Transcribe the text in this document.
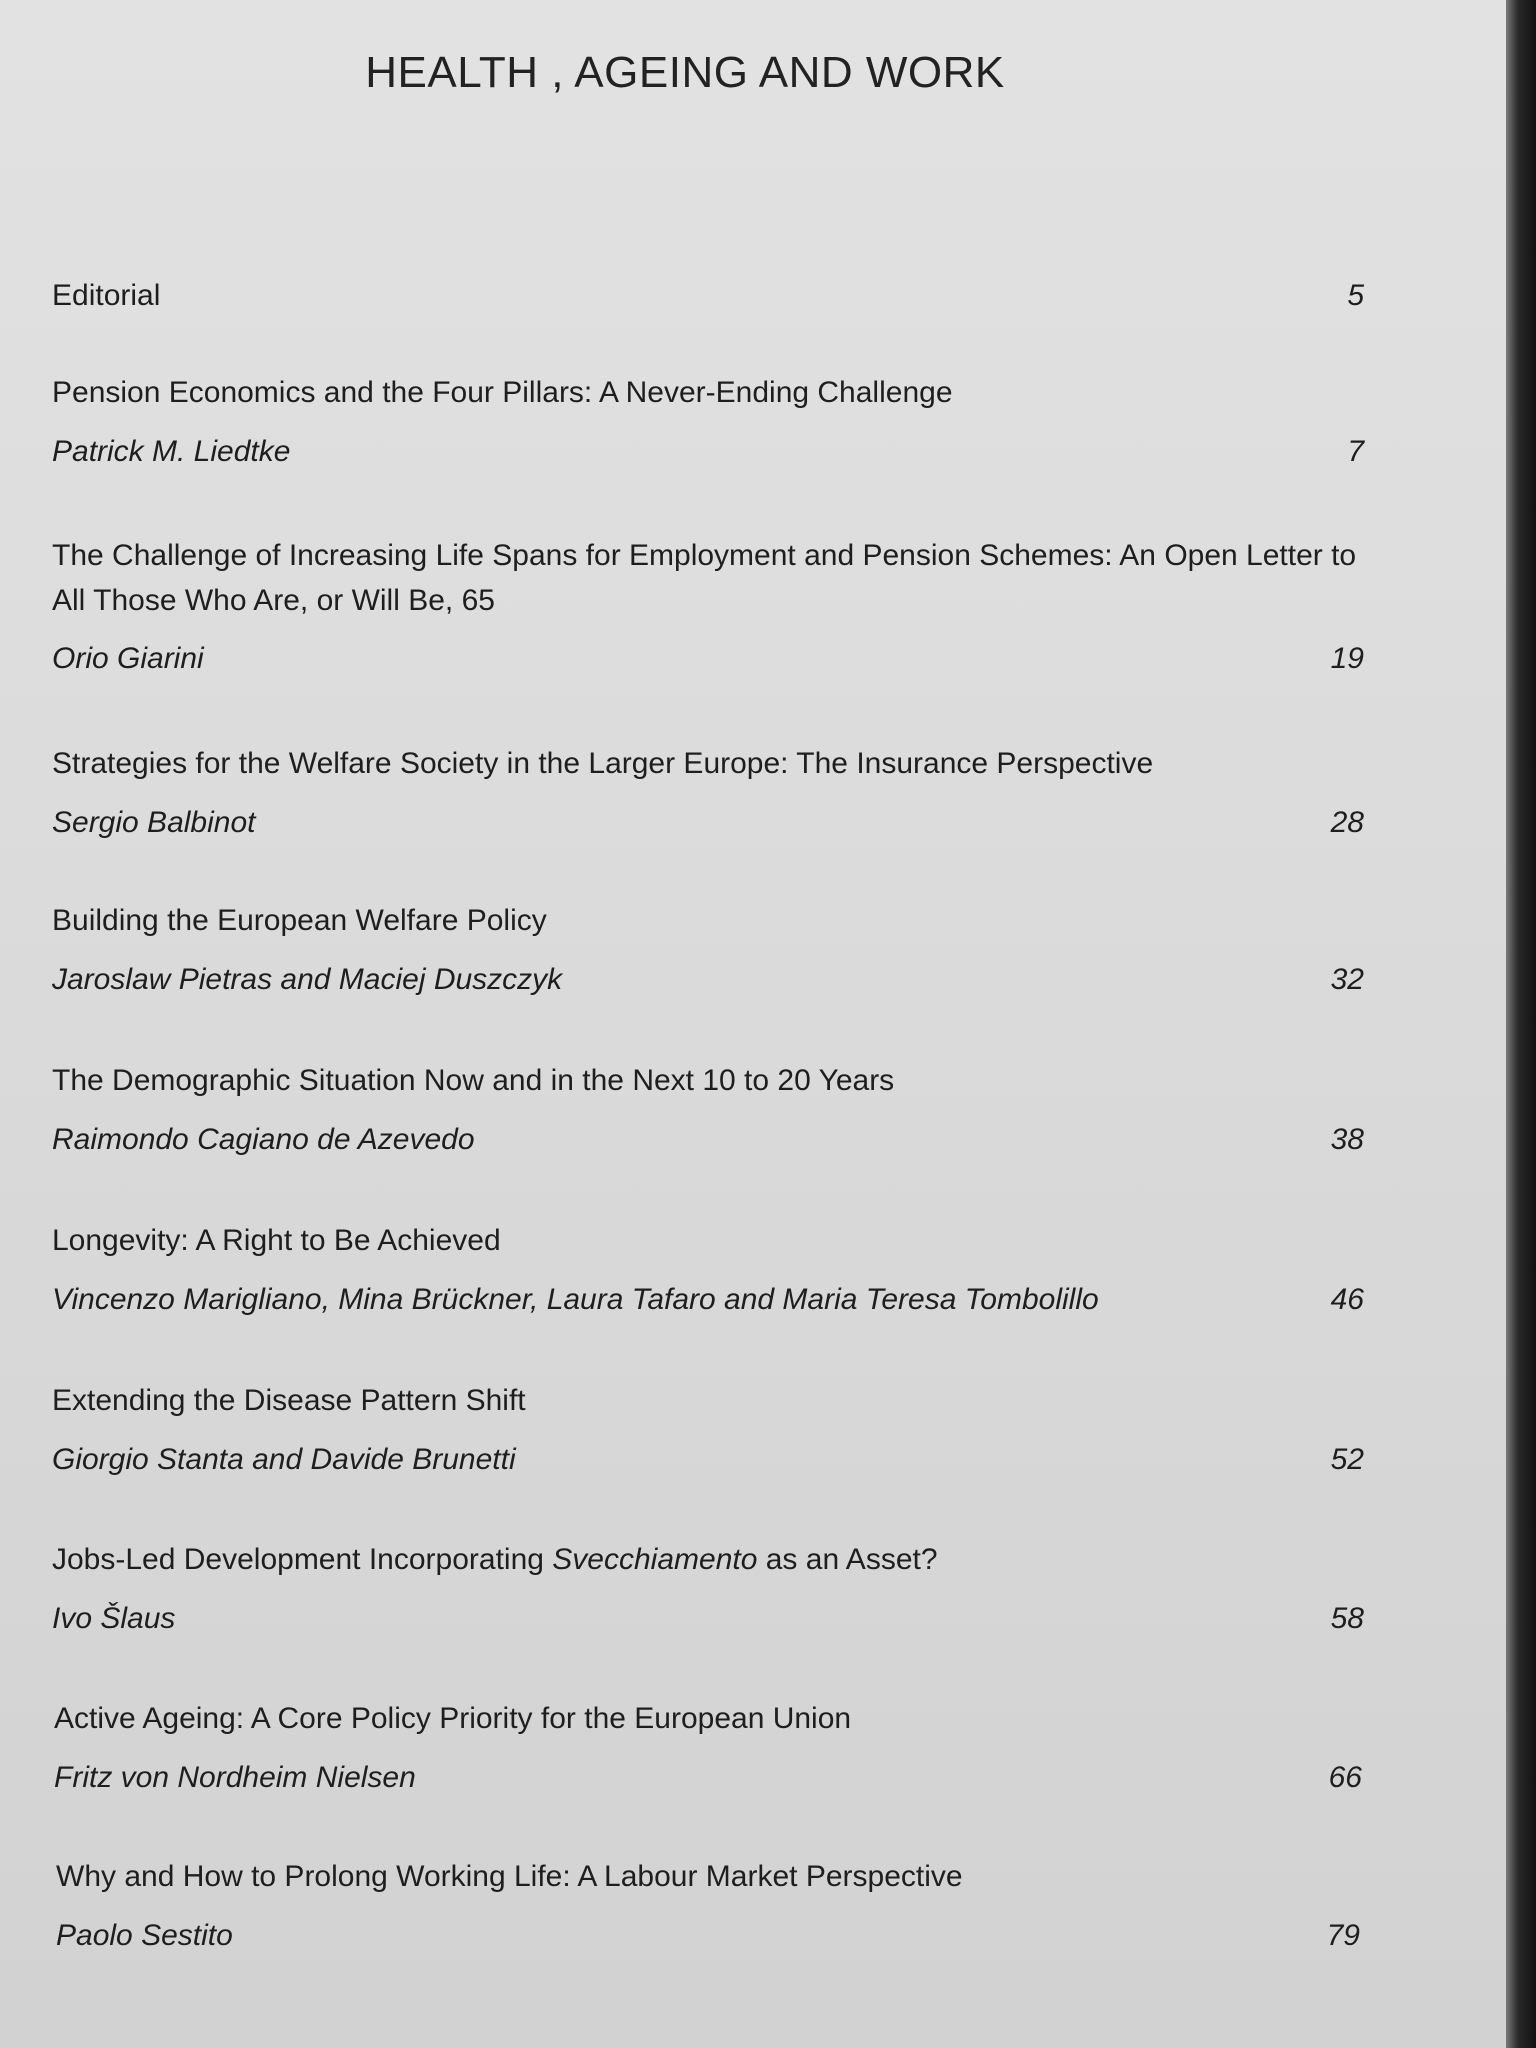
HEALTH , AGEING AND WORK
Editorial	5
Pension Economics and the Four Pillars: A Never-Ending Challenge
Patrick M. Liedtke	7
The Challenge of Increasing Life Spans for Employment and Pension Schemes: An Open Letter to All Those Who Are, or Will Be, 65
Orio Giarini	19
Strategies for the Welfare Society in the Larger Europe: The Insurance Perspective
Sergio Balbinot	28
Building the European Welfare Policy
Jaroslaw Pietras and Maciej Duszczyk	32
The Demographic Situation Now and in the Next 10 to 20 Years
Raimondo Cagiano de Azevedo	38
Longevity: A Right to Be Achieved
Vincenzo Marigliano, Mina Brückner, Laura Tafaro and Maria Teresa Tombolillo	46
Extending the Disease Pattern Shift
Giorgio Stanta and Davide Brunetti	52
Jobs-Led Development Incorporating Svecchiamento as an Asset?
Ivo Šlaus	58
Active Ageing: A Core Policy Priority for the European Union
Fritz von Nordheim Nielsen	66
Why and How to Prolong Working Life: A Labour Market Perspective
Paolo Sestito	79
